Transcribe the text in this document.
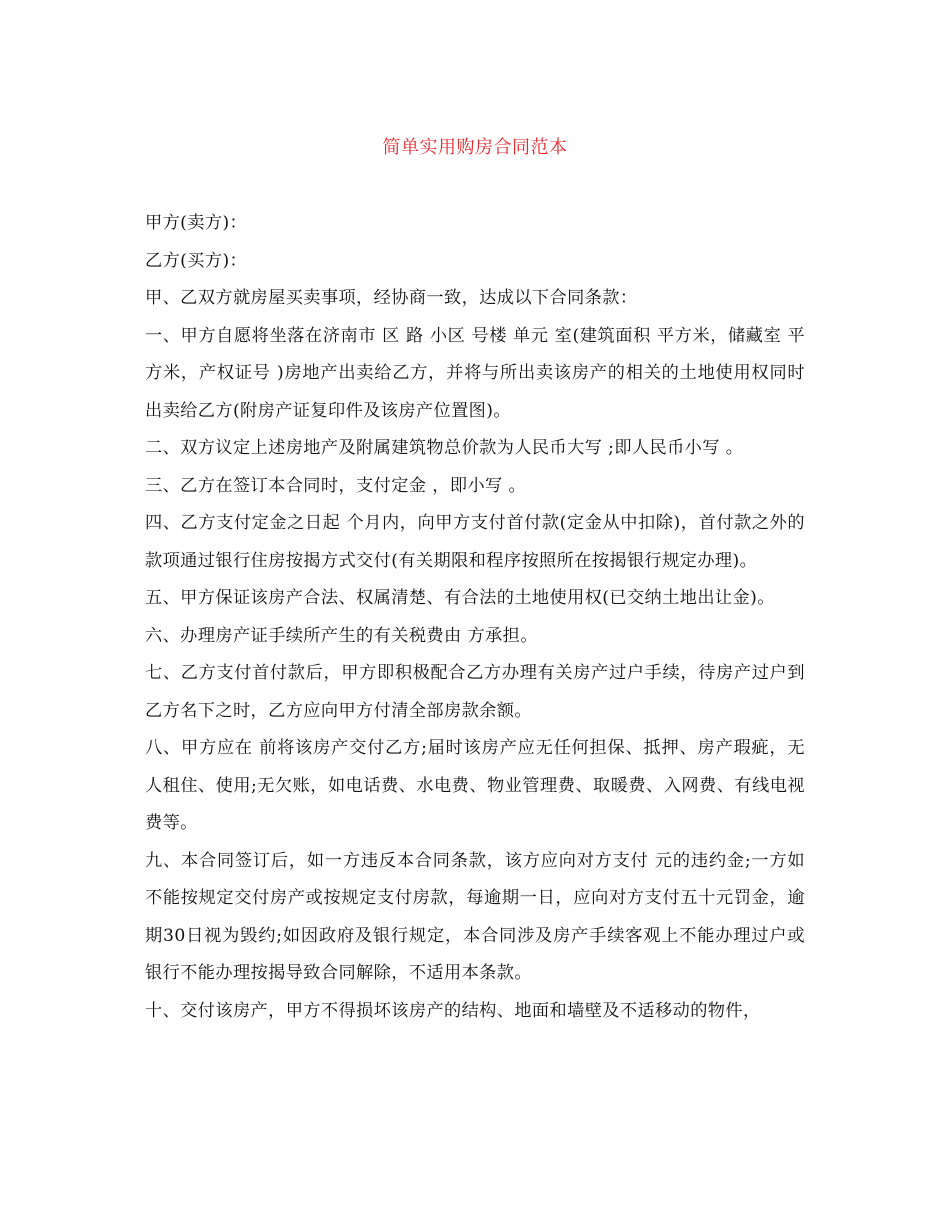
简单实用购房合同范本

甲方(卖方)：

乙方(买方)：

甲、乙双方就房屋买卖事项，经协商一致，达成以下合同条款：

一、甲方自愿将坐落在济南市 区 路 小区 号楼 单元 室(建筑面积 平方米，储藏室 平方米，产权证号 )房地产出卖给乙方，并将与所出卖该房产的相关的土地使用权同时出卖给乙方(附房产证复印件及该房产位置图)。

二、双方议定上述房地产及附属建筑物总价款为人民币大写 ;即人民币小写 。

三、乙方在签订本合同时，支付定金 ，即小写 。

四、乙方支付定金之日起 个月内，向甲方支付首付款(定金从中扣除)，首付款之外的款项通过银行住房按揭方式交付(有关期限和程序按照所在按揭银行规定办理)。

五、甲方保证该房产合法、权属清楚、有合法的土地使用权(已交纳土地出让金)。

六、办理房产证手续所产生的有关税费由 方承担。

七、乙方支付首付款后，甲方即积极配合乙方办理有关房产过户手续，待房产过户到乙方名下之时，乙方应向甲方付清全部房款余额。

八、甲方应在 前将该房产交付乙方;届时该房产应无任何担保、抵押、房产瑕疵，无人租住、使用;无欠账，如电话费、水电费、物业管理费、取暖费、入网费、有线电视费等。

九、本合同签订后，如一方违反本合同条款，该方应向对方支付 元的违约金;一方如不能按规定交付房产或按规定支付房款，每逾期一日，应向对方支付五十元罚金，逾期30日视为毁约;如因政府及银行规定，本合同涉及房产手续客观上不能办理过户或银行不能办理按揭导致合同解除，不适用本条款。

十、交付该房产，甲方不得损坏该房产的结构、地面和墙壁及不适移动的物件，
